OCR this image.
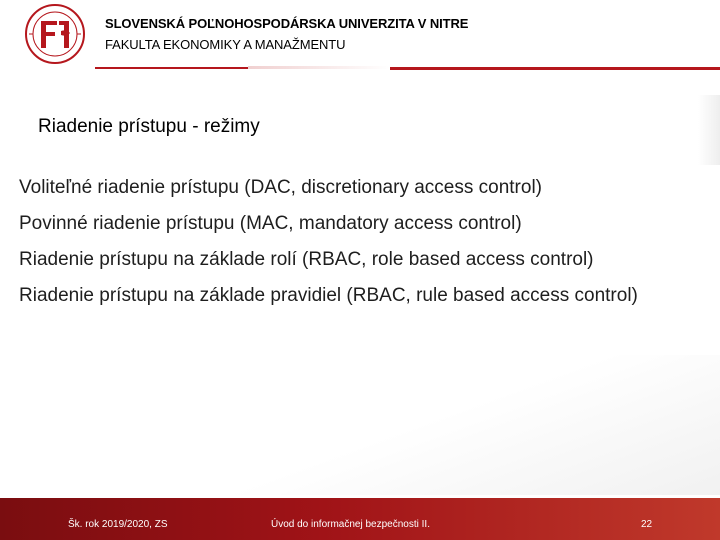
SLOVENSKÁ POĽNOHOSPODÁRSKA UNIVERZITA V NITRE
FAKULTA EKONOMIKY A MANAŽMENTU
Riadenie prístupu - režimy
Voliteľné riadenie prístupu (DAC, discretionary access control)
Povinné riadenie prístupu (MAC, mandatory access control)
Riadenie prístupu na základe rolí (RBAC, role based access control)
Riadenie prístupu na základe pravidiel (RBAC, rule based access control)
Šk. rok 2019/2020, ZS	Úvod do informačnej bezpečnosti II.	22
